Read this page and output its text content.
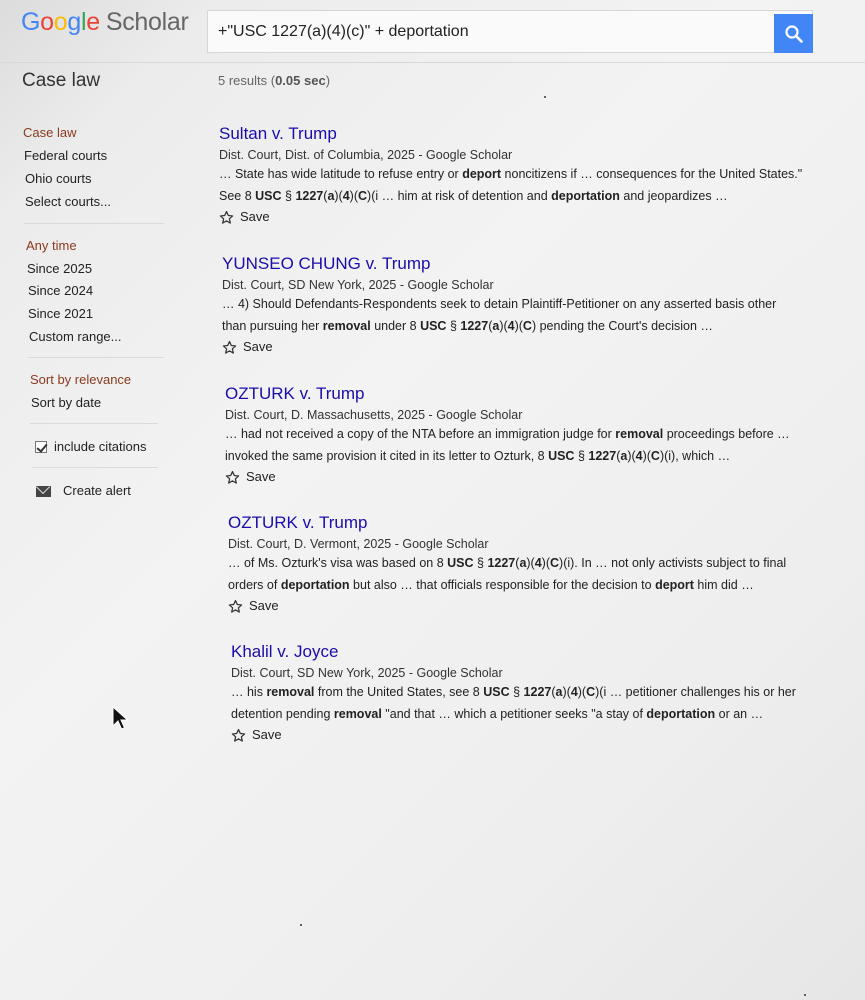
Google Scholar
+"USC 1227(a)(4)(c)" + deportation
Case law	5 results (0.05 sec)
Case law
Federal courts
Ohio courts
Select courts...
Any time
Since 2025
Since 2024
Since 2021
Custom range...
Sort by relevance
Sort by date
include citations
Create alert
Sultan v. Trump
Dist. Court, Dist. of Columbia, 2025 - Google Scholar
… State has wide latitude to refuse entry or deport noncitizens if … consequences for the United States."
See 8 USC § 1227(a)(4)(C)(i … him at risk of detention and deportation and jeopardizes …
Save
YUNSEO CHUNG v. Trump
Dist. Court, SD New York, 2025 - Google Scholar
… 4) Should Defendants-Respondents seek to detain Plaintiff-Petitioner on any asserted basis other
than pursuing her removal under 8 USC § 1227(a)(4)(C) pending the Court's decision …
Save
OZTURK v. Trump
Dist. Court, D. Massachusetts, 2025 - Google Scholar
… had not received a copy of the NTA before an immigration judge for removal proceedings before …
invoked the same provision it cited in its letter to Ozturk, 8 USC § 1227(a)(4)(C)(i), which …
Save
OZTURK v. Trump
Dist. Court, D. Vermont, 2025 - Google Scholar
… of Ms. Ozturk's visa was based on 8 USC § 1227(a)(4)(C)(i). In … not only activists subject to final
orders of deportation but also … that officials responsible for the decision to deport him did …
Save
Khalil v. Joyce
Dist. Court, SD New York, 2025 - Google Scholar
… his removal from the United States, see 8 USC § 1227(a)(4)(C)(i … petitioner challenges his or her
detention pending removal "and that … which a petitioner seeks "a stay of deportation or an …
Save
